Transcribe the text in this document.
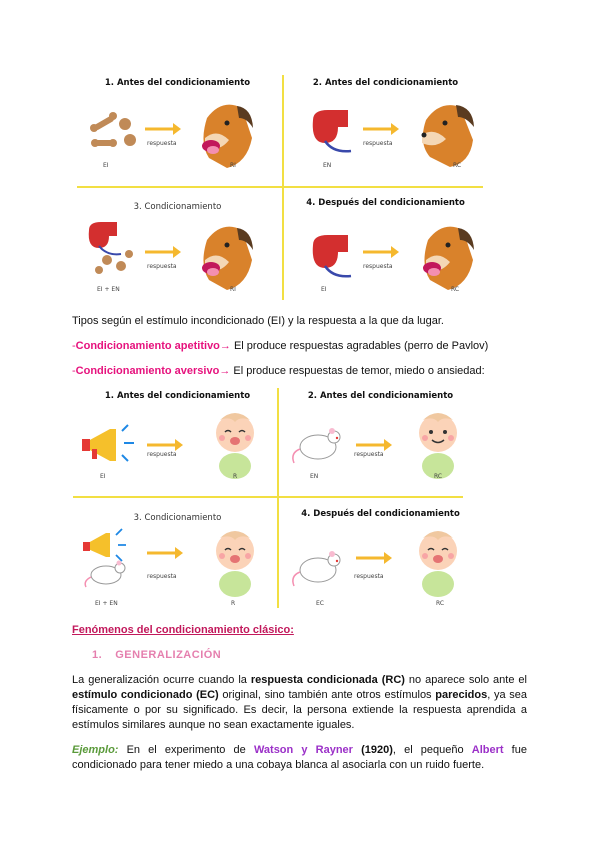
1. Antes del condicionamiento
respuesta
EI	RI
2. Antes del condicionamiento
respuesta
EN	RC
3. Condicionamiento
respuesta
EI + EN	RI
4. Después del condicionamiento
respuesta
EI	RC
Tipos según el estímulo incondicionado (EI) y la respuesta a la que da lugar.
-Condicionamiento apetitivo→ El produce respuestas agradables (perro de Pavlov)
-Condicionamiento aversivo→ El produce respuestas de temor, miedo o ansiedad:
1. Antes del condicionamiento
respuesta
EI	R
2. Antes del condicionamiento
respuesta
EN	RC
3. Condicionamiento
respuesta
EI + EN	R
4. Después del condicionamiento
respuesta
EC	RC
Fenómenos del condicionamiento clásico:
1. GENERALIZACIÓN
La generalización ocurre cuando la respuesta condicionada (RC) no aparece solo ante el estímulo condicionado (EC) original, sino también ante otros estímulos parecidos, ya sea físicamente o por su significado. Es decir, la persona extiende la respuesta aprendida a estímulos similares aunque no sean exactamente iguales.
Ejemplo: En el experimento de Watson y Rayner (1920), el pequeño Albert fue condicionado para tener miedo a una cobaya blanca al asociarla con un ruido fuerte.
